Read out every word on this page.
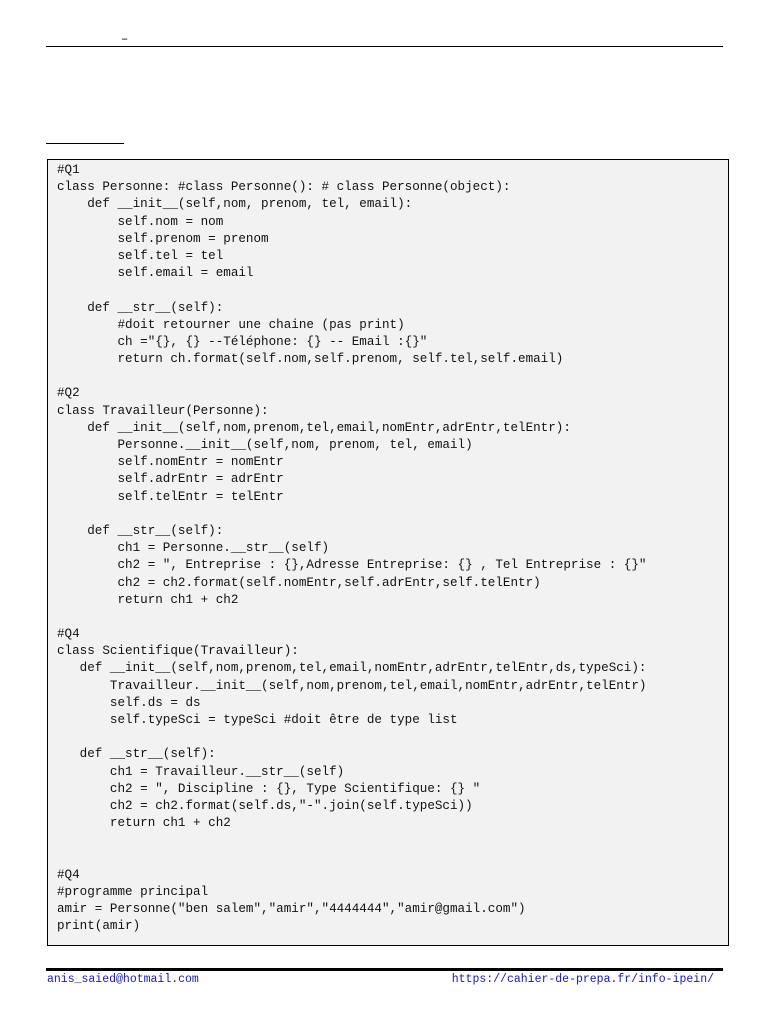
–
#Q1
class Personne: #class Personne(): # class Personne(object):
def __init__(self,nom, prenom, tel, email):
self.nom = nom
self.prenom = prenom
self.tel = tel
self.email = email
def __str__(self):
#doit retourner une chaine (pas print)
ch ="{}, {} --Téléphone: {} -- Email :{}"
return ch.format(self.nom,self.prenom, self.tel,self.email)
#Q2
class Travailleur(Personne):
def __init__(self,nom,prenom,tel,email,nomEntr,adrEntr,telEntr):
Personne.__init__(self,nom, prenom, tel, email)
self.nomEntr = nomEntr
self.adrEntr = adrEntr
self.telEntr = telEntr
def __str__(self):
ch1 = Personne.__str__(self)
ch2 = ", Entreprise : {},Adresse Entreprise: {} , Tel Entreprise : {}"
ch2 = ch2.format(self.nomEntr,self.adrEntr,self.telEntr)
return ch1 + ch2
#Q4
class Scientifique(Travailleur):
def __init__(self,nom,prenom,tel,email,nomEntr,adrEntr,telEntr,ds,typeSci):
Travailleur.__init__(self,nom,prenom,tel,email,nomEntr,adrEntr,telEntr)
self.ds = ds
self.typeSci = typeSci #doit être de type list
def __str__(self):
ch1 = Travailleur.__str__(self)
ch2 = ", Discipline : {}, Type Scientifique: {} "
ch2 = ch2.format(self.ds,"-".join(self.typeSci))
return ch1 + ch2
#Q4
#programme principal
amir = Personne("ben salem","amir","4444444","amir@gmail.com")
print(amir)
anis_saied@hotmail.com	https://cahier-de-prepa.fr/info-ipein/
